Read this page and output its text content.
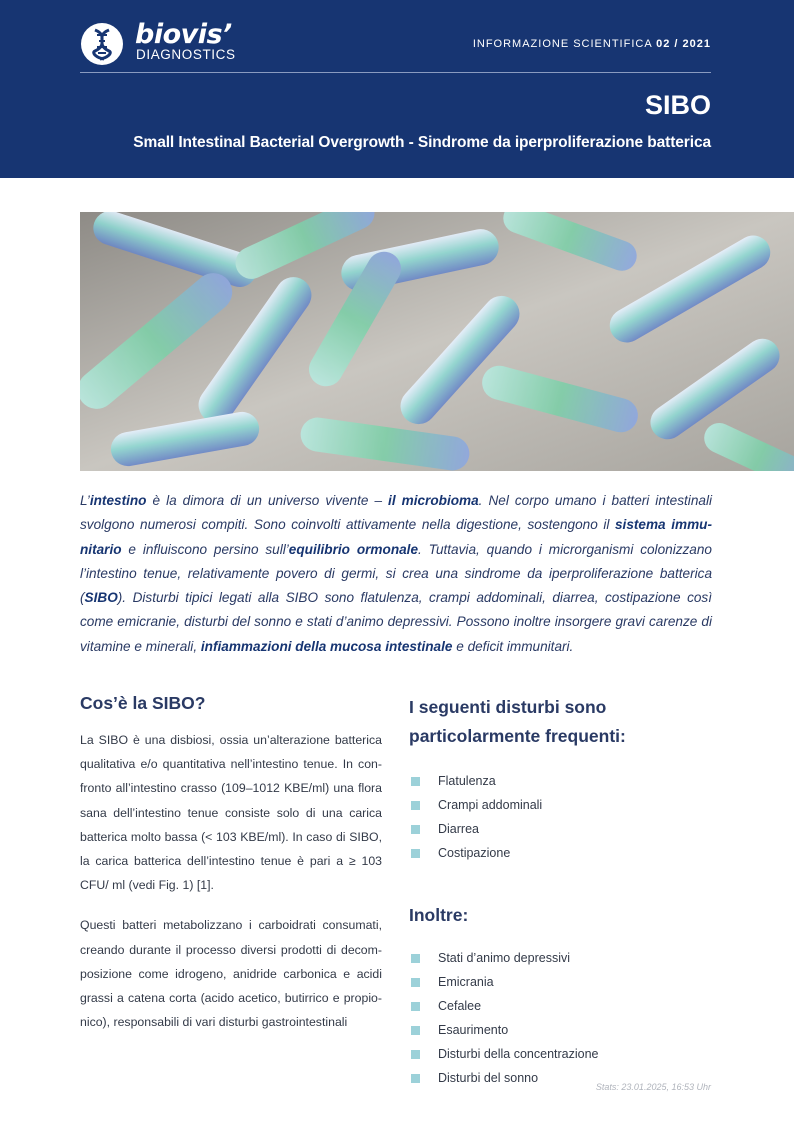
biovis’
DIAGNOSTICS
INFORMAZIONE SCIENTIFICA 02 / 2021
SIBO
Small Intestinal Bacterial Overgrowth - Sindrome da iperproliferazione batterica
L’intestino è la dimora di un universo vivente – il microbioma. Nel corpo umano i batteri intestinali svolgono numerosi compiti. Sono coinvolti attivamente nella digestione, sostengono il sistema immunitario e influiscono persino sull’equilibrio ormonale. Tuttavia, quando i microrganismi colonizzano l’intestino tenue, relativamente povero di germi, si crea una sindrome da iperproliferazione batterica (SIBO). Disturbi tipici legati alla SIBO sono flatulenza, crampi addominali, diarrea, costipazione così come emicranie, disturbi del sonno e stati d’animo depressivi. Possono inoltre insorgere gravi carenze di vitamine e minerali, infiammazioni della mucosa intestinale e deficit immunitari.
Cos’è la SIBO?

La SIBO è una disbiosi, ossia un’alterazione batterica qualitativa e/o quantitativa nell’intestino tenue. In confronto all’intestino crasso (109–1012 KBE/ml) una flora sana dell’intestino tenue consiste solo di una carica batterica molto bassa (< 103 KBE/ml). In caso di SIBO, la carica batterica dell’intestino tenue è pari a ≥ 103 CFU/ ml (vedi Fig. 1) [1].

Questi batteri metabolizzano i carboidrati consumati, creando durante il processo diversi prodotti di decomposizione come idrogeno, anidride carbonica e acidi grassi a catena corta (acido acetico, butirrico e propionico), responsabili di vari disturbi gastrointestinali

I seguenti disturbi sono particolarmente frequenti:
Flatulenza
Crampi addominali
Diarrea
Costipazione
Inoltre:
Stati d’animo depressivi
Emicrania
Cefalee
Esaurimento
Disturbi della concentrazione
Disturbi del sonno
Stats: 23.01.2025, 16:53 Uhr
